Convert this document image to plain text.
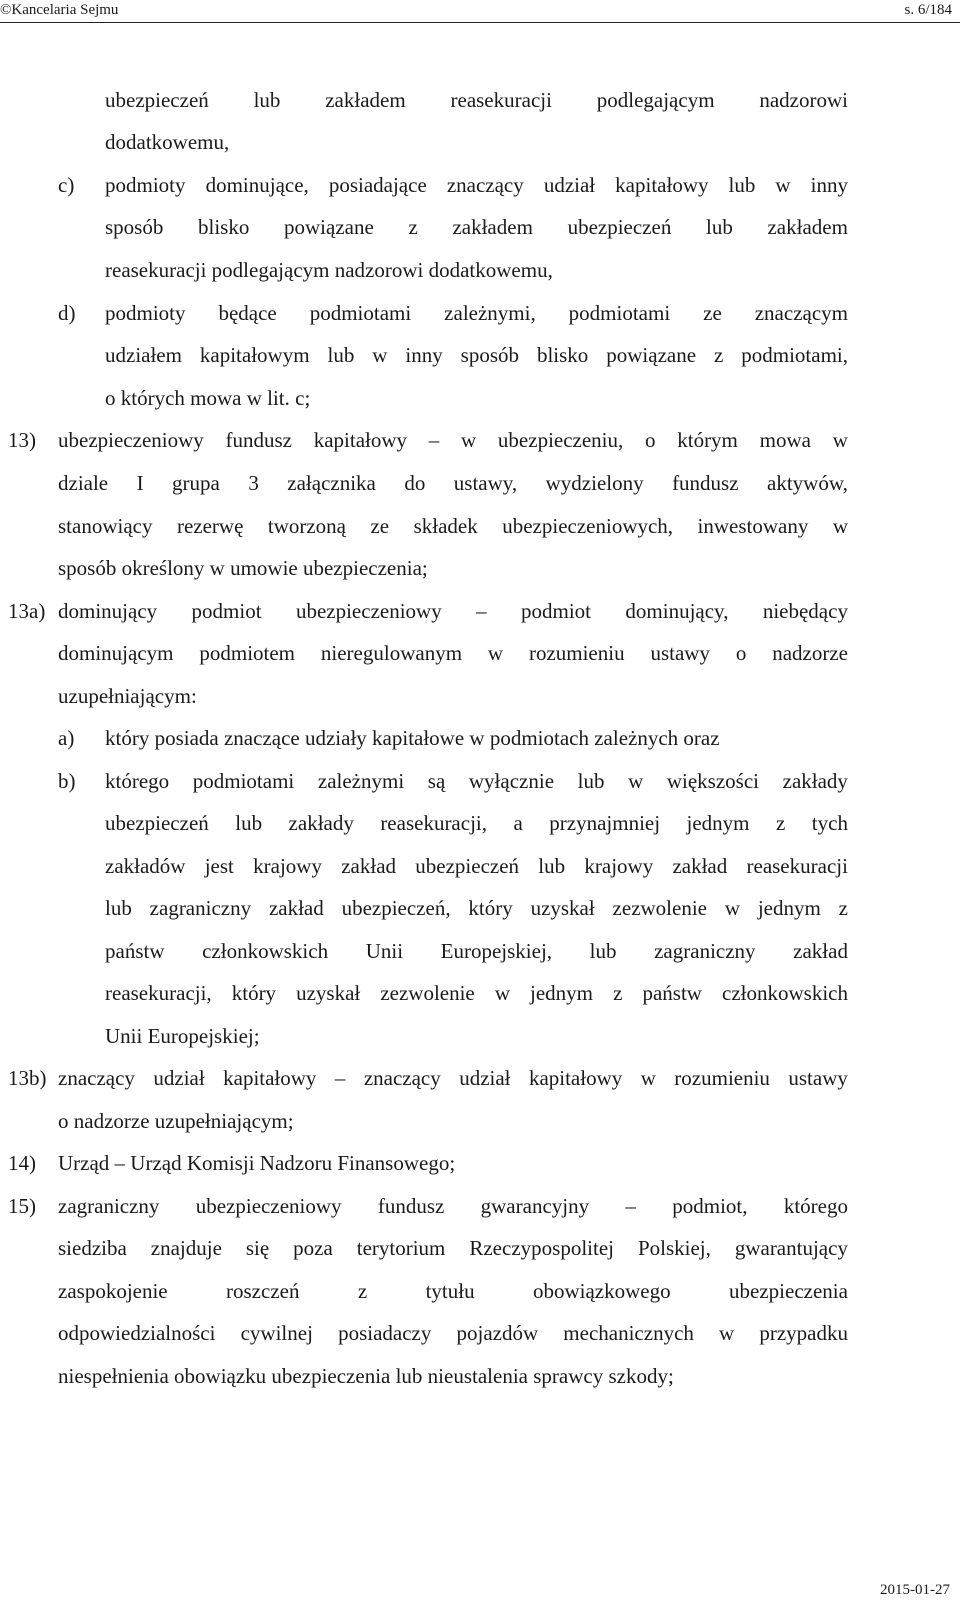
©Kancelaria Sejmu	s. 6/184
ubezpieczeń lub zakładem reasekuracji podlegającym nadzorowi
dodatkowemu,
c) podmioty dominujące, posiadające znaczący udział kapitałowy lub w inny
sposób blisko powiązane z zakładem ubezpieczeń lub zakładem
reasekuracji podlegającym nadzorowi dodatkowemu,
d) podmioty będące podmiotami zależnymi, podmiotami ze znaczącym
udziałem kapitałowym lub w inny sposób blisko powiązane z podmiotami,
o których mowa w lit. c;
13) ubezpieczeniowy fundusz kapitałowy – w ubezpieczeniu, o którym mowa w
dziale I grupa 3 załącznika do ustawy, wydzielony fundusz aktywów,
stanowiący rezerwę tworzoną ze składek ubezpieczeniowych, inwestowany w
sposób określony w umowie ubezpieczenia;
13a) dominujący podmiot ubezpieczeniowy – podmiot dominujący, niebędący
dominującym podmiotem nieregulowanym w rozumieniu ustawy o nadzorze
uzupełniającym:
a) który posiada znaczące udziały kapitałowe w podmiotach zależnych oraz
b) którego podmiotami zależnymi są wyłącznie lub w większości zakłady
ubezpieczeń lub zakłady reasekuracji, a przynajmniej jednym z tych
zakładów jest krajowy zakład ubezpieczeń lub krajowy zakład reasekuracji
lub zagraniczny zakład ubezpieczeń, który uzyskał zezwolenie w jednym z
państw członkowskich Unii Europejskiej, lub zagraniczny zakład
reasekuracji, który uzyskał zezwolenie w jednym z państw członkowskich
Unii Europejskiej;
13b) znaczący udział kapitałowy – znaczący udział kapitałowy w rozumieniu ustawy
o nadzorze uzupełniającym;
14) Urząd – Urząd Komisji Nadzoru Finansowego;
15) zagraniczny ubezpieczeniowy fundusz gwarancyjny – podmiot, którego
siedziba znajduje się poza terytorium Rzeczypospolitej Polskiej, gwarantujący
zaspokojenie	roszczeń	z	tytułu	obowiązkowego	ubezpieczenia
odpowiedzialności cywilnej posiadaczy pojazdów mechanicznych w przypadku
niespełnienia obowiązku ubezpieczenia lub nieustalenia sprawcy szkody;
2015-01-27
